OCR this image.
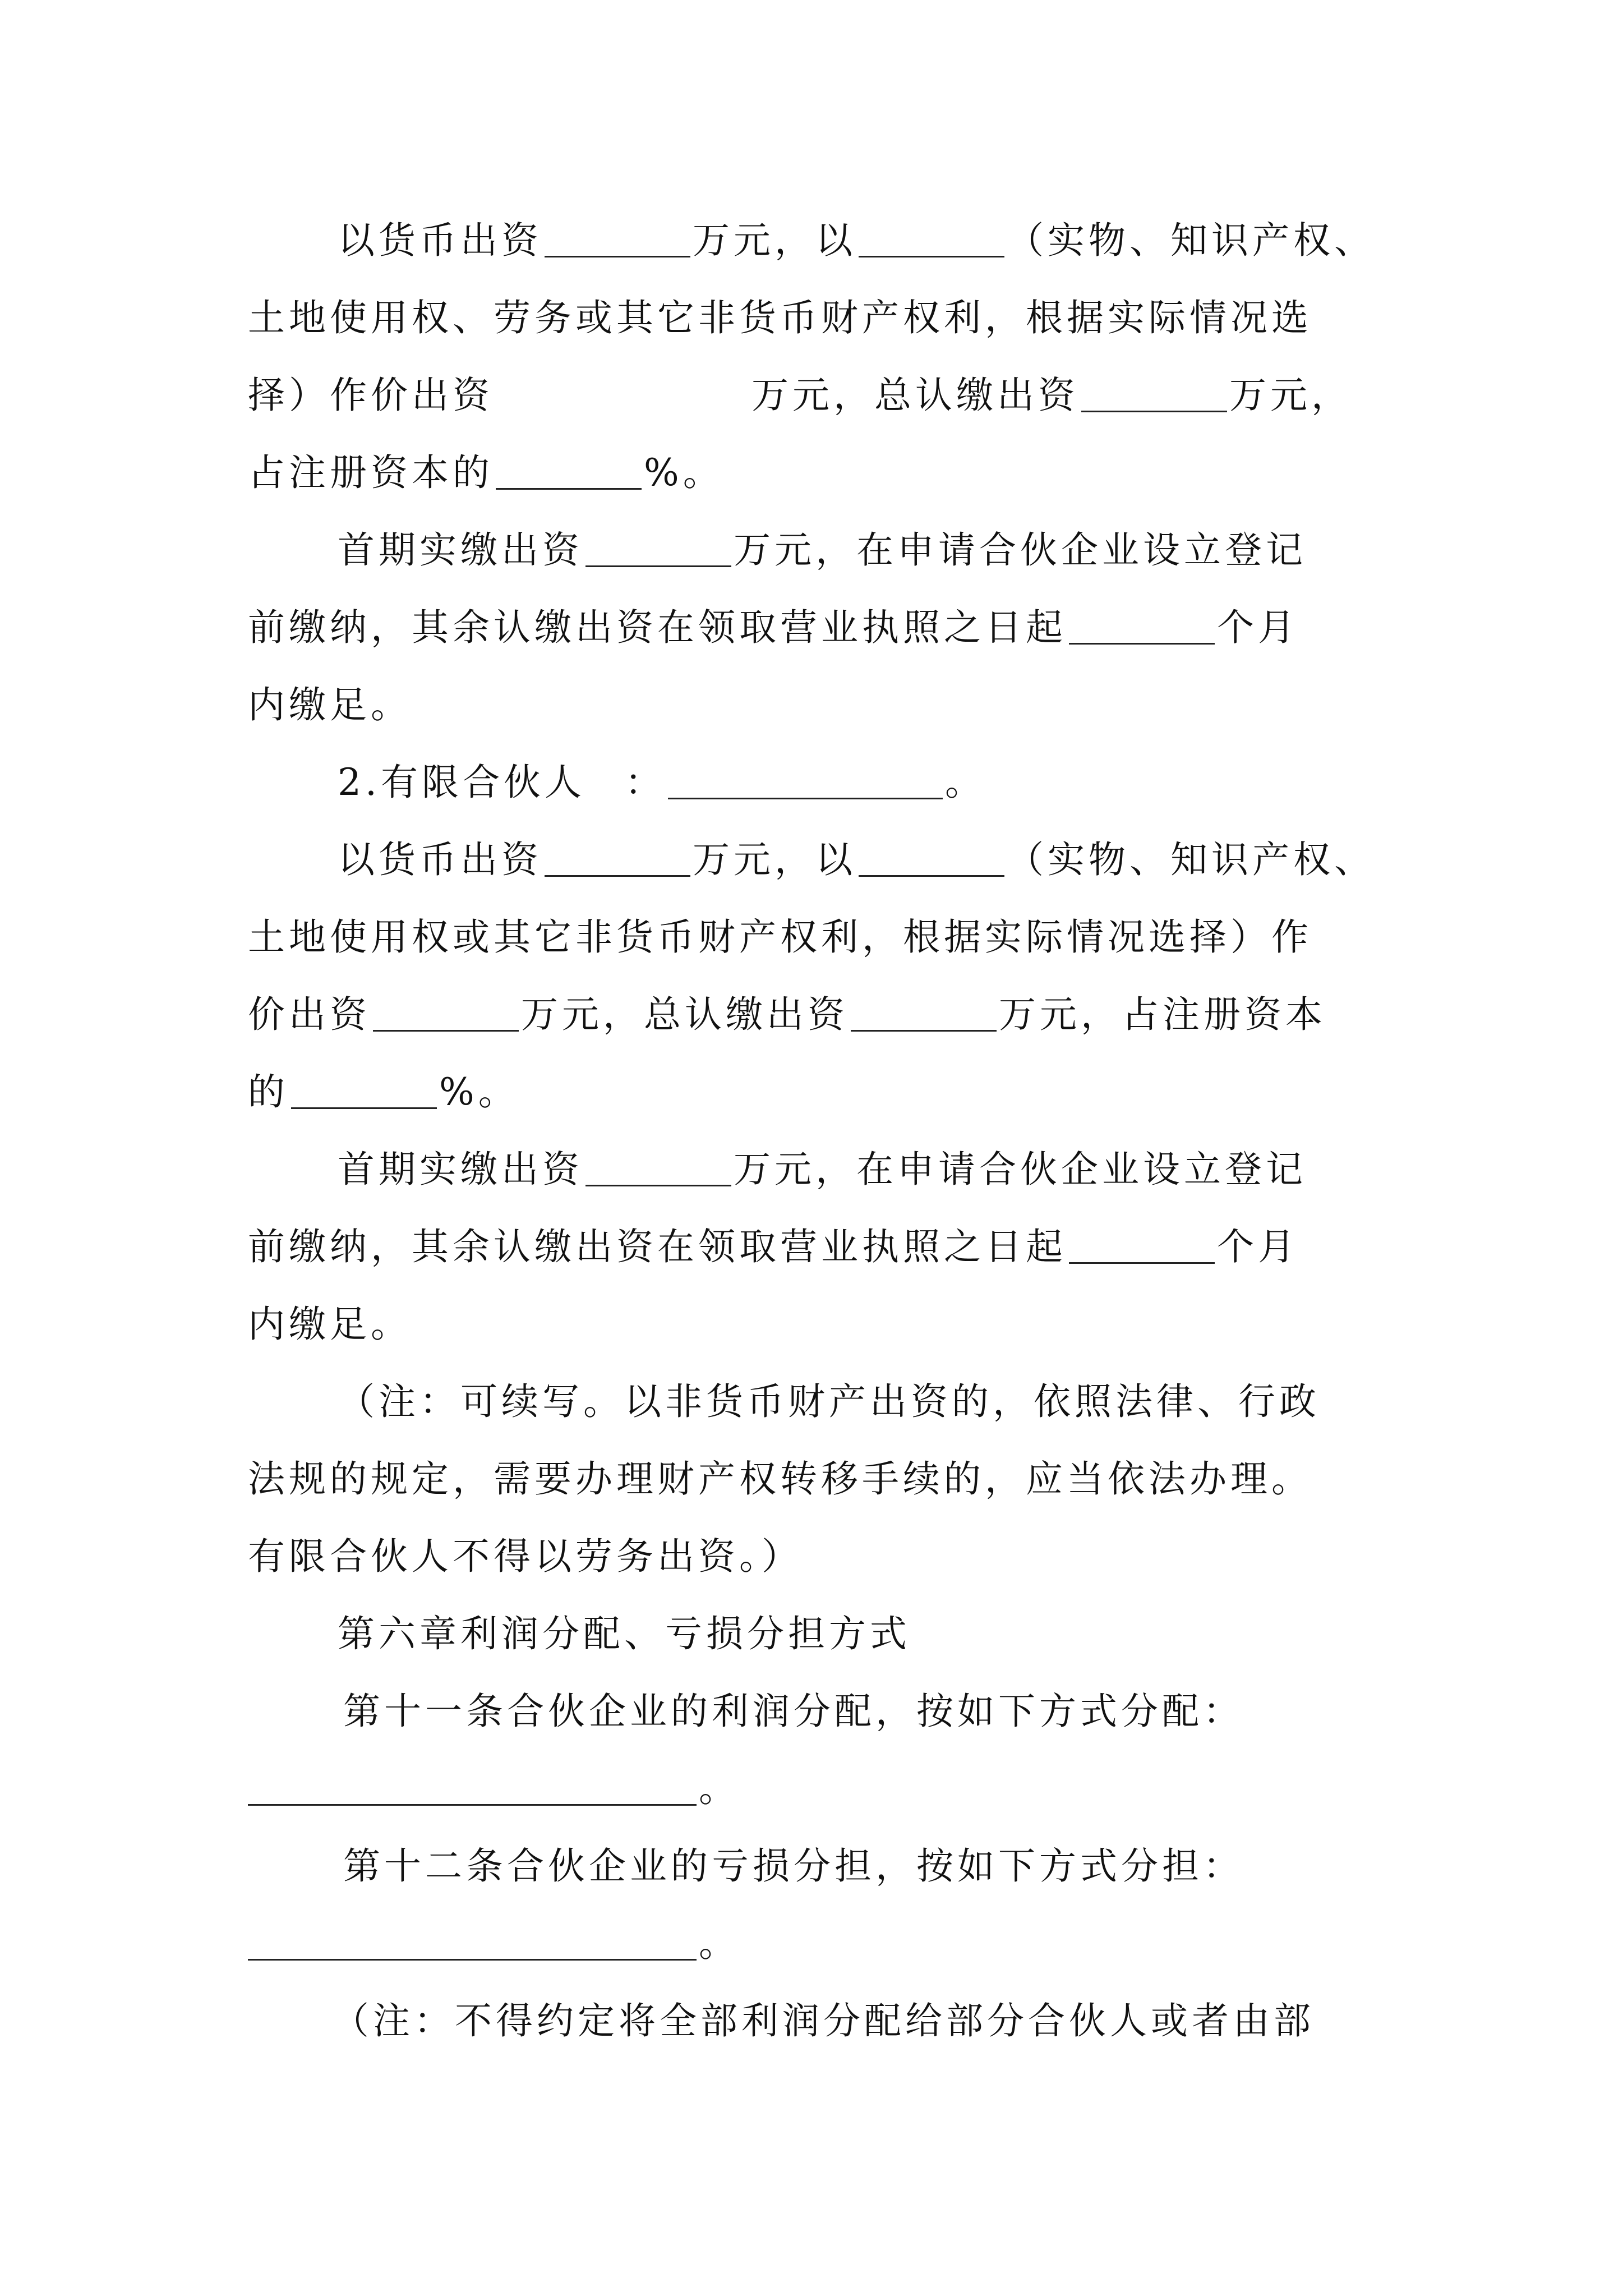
以货币出资	万元，以	（实物、知识产权、
土地使用权、劳务或其它非货币财产权利，根据实际情况选
择）作价出资	万元，总认缴出资	万元，
占注册资本的	%。
首期实缴出资	万元，在申请合伙企业设立登记
前缴纳，其余认缴出资在领取营业执照之日起	个月
内缴足。
2.有限合伙人 ：	。
以货币出资	万元，以	（实物、知识产权、
土地使用权或其它非货币财产权利，根据实际情况选择）作
价出资	万元，总认缴出资	万元，占注册资本
的	%。
首期实缴出资	万元，在申请合伙企业设立登记
前缴纳，其余认缴出资在领取营业执照之日起	个月
内缴足。
（注：可续写。以非货币财产出资的，依照法律、行政
法规的规定，需要办理财产权转移手续的，应当依法办理。
有限合伙人不得以劳务出资。）
第六章利润分配、亏损分担方式
第十一条合伙企业的利润分配，按如下方式分配：
。
第十二条合伙企业的亏损分担，按如下方式分担：
。
（注：不得约定将全部利润分配给部分合伙人或者由部
